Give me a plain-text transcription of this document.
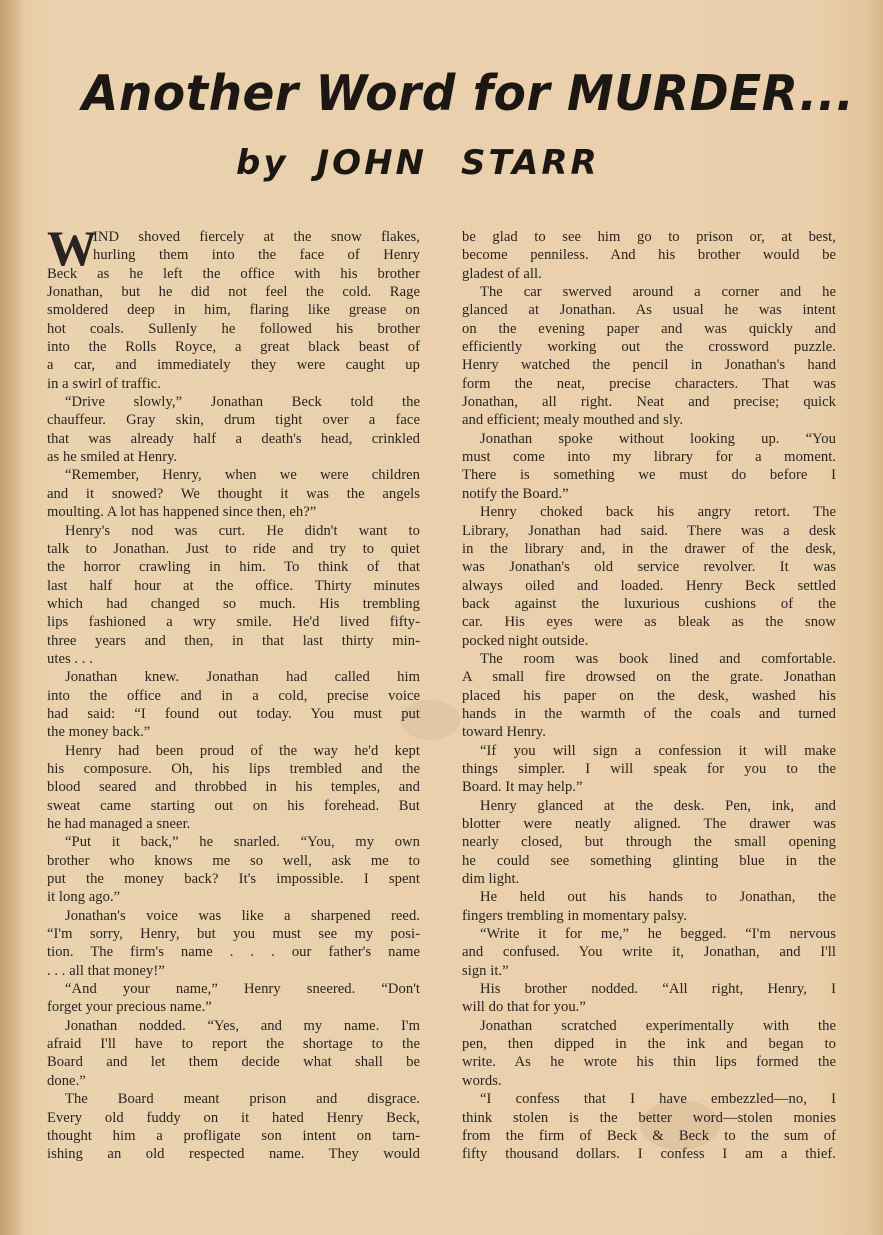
Another Word for MURDER...
by JOHN STARR
W
IND shoved fiercely at the snow flakes,
hurling them into the face of Henry
Beck as he left the office with his brother
Jonathan, but he did not feel the cold. Rage
smoldered deep in him, flaring like grease on
hot coals. Sullenly he followed his brother
into the Rolls Royce, a great black beast of
a car, and immediately they were caught up
in a swirl of traffic.
“Drive slowly,” Jonathan Beck told the
chauffeur. Gray skin, drum tight over a face
that was already half a death's head, crinkled
as he smiled at Henry.
“Remember, Henry, when we were children
and it snowed? We thought it was the angels
moulting. A lot has happened since then, eh?”
Henry's nod was curt. He didn't want to
talk to Jonathan. Just to ride and try to quiet
the horror crawling in him. To think of that
last half hour at the office. Thirty minutes
which had changed so much. His trembling
lips fashioned a wry smile. He'd lived fifty-
three years and then, in that last thirty min-
utes . . .
Jonathan knew. Jonathan had called him
into the office and in a cold, precise voice
had said: “I found out today. You must put
the money back.”
Henry had been proud of the way he'd kept
his composure. Oh, his lips trembled and the
blood seared and throbbed in his temples, and
sweat came starting out on his forehead. But
he had managed a sneer.
“Put it back,” he snarled. “You, my own
brother who knows me so well, ask me to
put the money back? It's impossible. I spent
it long ago.”
Jonathan's voice was like a sharpened reed.
“I'm sorry, Henry, but you must see my posi-
tion. The firm's name . . . our father's name
. . . all that money!”
“And your name,” Henry sneered. “Don't
forget your precious name.”
Jonathan nodded. “Yes, and my name. I'm
afraid I'll have to report the shortage to the
Board and let them decide what shall be
done.”
The Board meant prison and disgrace.
Every old fuddy on it hated Henry Beck,
thought him a profligate son intent on tarn-
ishing an old respected name. They would
be glad to see him go to prison or, at best,
become penniless. And his brother would be
gladest of all.
The car swerved around a corner and he
glanced at Jonathan. As usual he was intent
on the evening paper and was quickly and
efficiently working out the crossword puzzle.
Henry watched the pencil in Jonathan's hand
form the neat, precise characters. That was
Jonathan, all right. Neat and precise; quick
and efficient; mealy mouthed and sly.
Jonathan spoke without looking up. “You
must come into my library for a moment.
There is something we must do before I
notify the Board.”
Henry choked back his angry retort. The
Library, Jonathan had said. There was a desk
in the library and, in the drawer of the desk,
was Jonathan's old service revolver. It was
always oiled and loaded. Henry Beck settled
back against the luxurious cushions of the
car. His eyes were as bleak as the snow
pocked night outside.
The room was book lined and comfortable.
A small fire drowsed on the grate. Jonathan
placed his paper on the desk, washed his
hands in the warmth of the coals and turned
toward Henry.
“If you will sign a confession it will make
things simpler. I will speak for you to the
Board. It may help.”
Henry glanced at the desk. Pen, ink, and
blotter were neatly aligned. The drawer was
nearly closed, but through the small opening
he could see something glinting blue in the
dim light.
He held out his hands to Jonathan, the
fingers trembling in momentary palsy.
“Write it for me,” he begged. “I'm nervous
and confused. You write it, Jonathan, and I'll
sign it.”
His brother nodded. “All right, Henry, I
will do that for you.”
Jonathan scratched experimentally with the
pen, then dipped in the ink and began to
write. As he wrote his thin lips formed the
words.
“I confess that I have embezzled—no, I
think stolen is the better word—stolen monies
from the firm of Beck & Beck to the sum of
fifty thousand dollars. I confess I am a thief.
